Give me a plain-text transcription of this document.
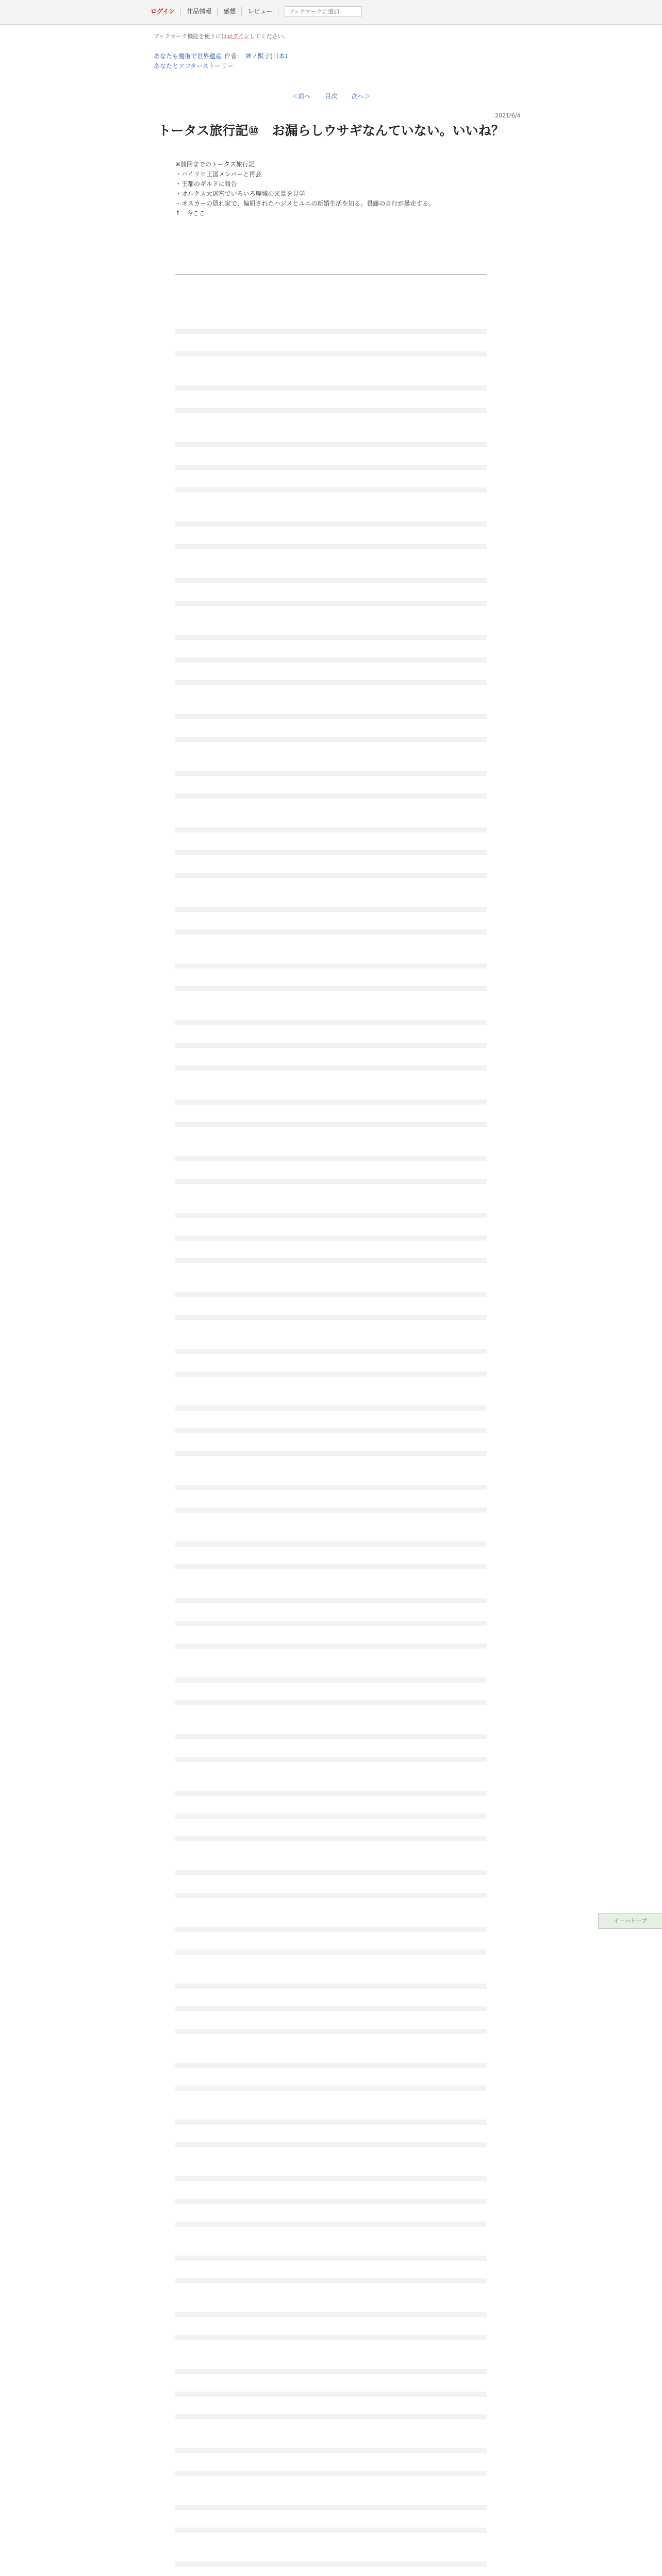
ログイン	作品情報	感想	レビュー
ブックマークに追加
ブックマーク機能を使うにはログインしてください。
あなたも魔術で世界遺産 作者： 神ノ獣子(日本)
あなたとアフターストーリー
＜前へ 目次 次へ＞
2021/6/4
トータス旅行記⑩　お漏らしウサギなんていない。いいね？
※前回までのトータス旅行記
・ハイリヒ王国メンバーと再会
・王都のギルドに報告
・オルクス大迷宮でいろいろ廃墟の光景を見学
・オスカーの隠れ家で、偏屈されたハジメとユエの新婚生活を知る。畏藤の言行が暴走する。
↑　今ここ

イーハトーブ
